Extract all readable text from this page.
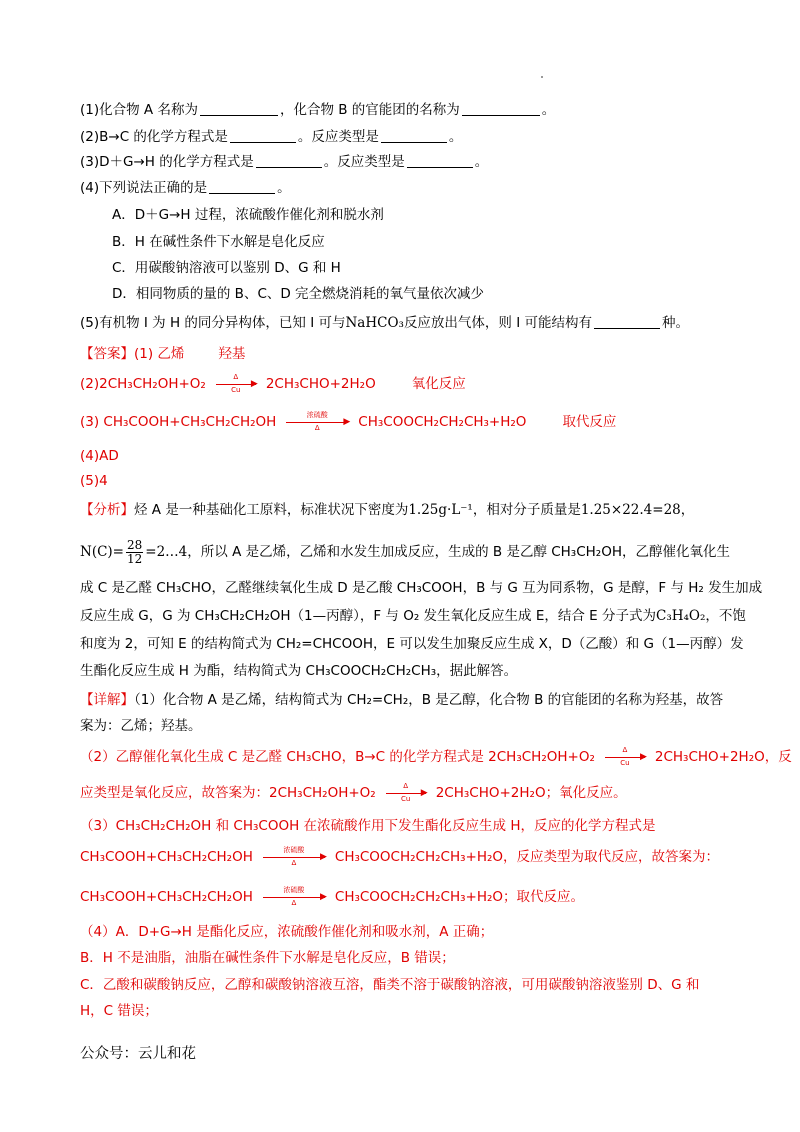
(1)化合物 A 名称为	，化合物 B 的官能团的名称为	。
(2)B→C 的化学方程式是	。反应类型是	。
(3)D＋G→H 的化学方程式是	。反应类型是	。
(4)下列说法正确的是	。
A．D＋G→H 过程，浓硫酸作催化剂和脱水剂
B．H 在碱性条件下水解是皂化反应
C．用碳酸钠溶液可以鉴别 D、G 和 H
D．相同物质的量的 B、C、D 完全燃烧消耗的氧气量依次减少
(5)有机物 I 为 H 的同分异构体，已知 I 可与NaHCO₃反应放出气体，则 I 可能结构有	种。
【答案】(1) 乙烯	羟基
(2)2CH₃CH₂OH+O₂	Δ
▶
Cu	2CH₃CHO+2H₂O	氧化反应
(3) CH₃COOH+CH₃CH₂CH₂OH	浓硫酸
▶
Δ	CH₃COOCH₂CH₂CH₃+H₂O	取代反应
(4)AD
(5)4
【分析】烃 A 是一种基础化工原料，标准状况下密度为1.25g·L⁻¹，相对分子质量是1.25×22.4=28，
$N(C)= \frac{28}{12}$ =2…4，所以 A 是乙烯，乙烯和水发生加成反应，生成的 B 是乙醇 CH₃CH₂OH，乙醇催化氧化生
成 C 是乙醛 CH₃CHO，乙醛继续氧化生成 D 是乙酸 CH₃COOH，B 与 G 互为同系物，G 是醇，F 与 H₂ 发生加成
反应生成 G，G 为 CH₃CH₂CH₂OH（1—丙醇），F 与 O₂ 发生氧化反应生成 E，结合 E 分子式为C₃H₄O₂，不饱
和度为 2，可知 E 的结构简式为 CH₂=CHCOOH，E 可以发生加聚反应生成 X，D（乙酸）和 G（1—丙醇）发
生酯化反应生成 H 为酯，结构简式为 CH₃COOCH₂CH₂CH₃，据此解答。
【详解】（1）化合物 A 是乙烯，结构简式为 CH₂=CH₂，B 是乙醇，化合物 B 的官能团的名称为羟基，故答
案为：乙烯；羟基。
（2）乙醇催化氧化生成 C 是乙醛 CH₃CHO，B→C 的化学方程式是 2CH₃CH₂OH+O₂	Δ
▶
Cu	2CH₃CHO+2H₂O，反
应类型是氧化反应，故答案为：2CH₃CH₂OH+O₂	Δ
▶
Cu	2CH₃CHO+2H₂O；氧化反应。
（3）CH₃CH₂CH₂OH 和 CH₃COOH 在浓硫酸作用下发生酯化反应生成 H，反应的化学方程式是
CH₃COOH+CH₃CH₂CH₂OH	浓硫酸
▶
Δ	CH₃COOCH₂CH₂CH₃+H₂O，反应类型为取代反应，故答案为：
CH₃COOH+CH₃CH₂CH₂OH	浓硫酸
▶
Δ	CH₃COOCH₂CH₂CH₃+H₂O；取代反应。
（4）A．D+G→H 是酯化反应，浓硫酸作催化剂和吸水剂，A 正确；
B．H 不是油脂，油脂在碱性条件下水解是皂化反应，B 错误；
C．乙酸和碳酸钠反应，乙醇和碳酸钠溶液互溶，酯类不溶于碳酸钠溶液，可用碳酸钠溶液鉴别 D、G 和
H，C 错误；
公众号：云儿和花
